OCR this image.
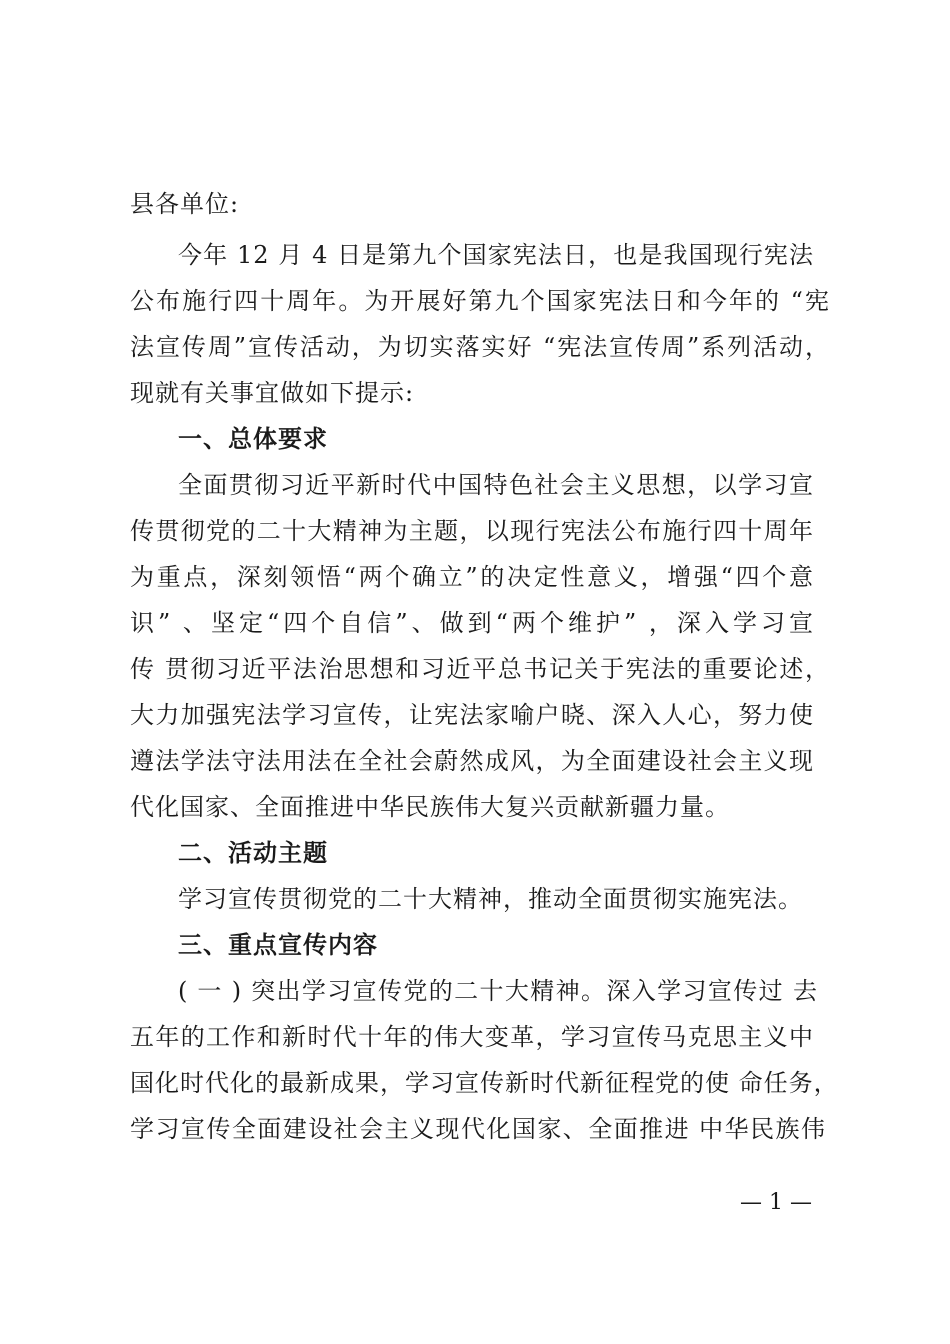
县各单位:
今年 12 月 4 日是第九个国家宪法日，也是我国现行宪法
公布施行四十周年。为开展好第九个国家宪法日和今年的 “宪
法宣传周”宣传活动，为切实落实好 “宪法宣传周”系列活动，
现就有关事宜做如下提示:
一、总体要求
全面贯彻习近平新时代中国特色社会主义思想，以学习宣
传贯彻党的二十大精神为主题，以现行宪法公布施行四十周年
为重点，深刻领悟“两个确立”的决定性意义，增强“四个意
识” 、坚定“四个自信”、做到“两个维护” ，深入学习宣
传 贯彻习近平法治思想和习近平总书记关于宪法的重要论述，
大力加强宪法学习宣传，让宪法家喻户晓、深入人心，努力使
遵法学法守法用法在全社会蔚然成风，为全面建设社会主义现
代化国家、全面推进中华民族伟大复兴贡献新疆力量。
二、活动主题
学习宣传贯彻党的二十大精神，推动全面贯彻实施宪法。
三、重点宣传内容
( 一 ) 突出学习宣传党的二十大精神。深入学习宣传过 去
五年的工作和新时代十年的伟大变革，学习宣传马克思主义中
国化时代化的最新成果，学习宣传新时代新征程党的使 命任务，
学习宣传全面建设社会主义现代化国家、全面推进 中华民族伟
— 1 —
